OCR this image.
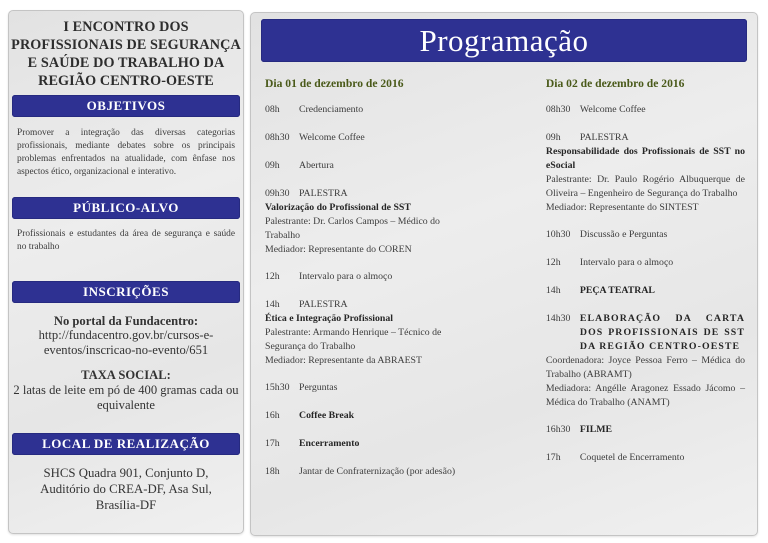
I ENCONTRO DOS
PROFISSIONAIS DE SEGURANÇA
E SAÚDE DO TRABALHO DA
REGIÃO CENTRO-OESTE
OBJETIVOS

Promover a integração das diversas categorias profissionais, mediante debates sobre os principais problemas enfrentados na atualidade, com ênfase nos aspectos ético, organizacional e interativo.

PÚBLICO-ALVO

Profissionais e estudantes da área de segurança e saúde no trabalho

INSCRIÇÕES
No portal da Fundacentro:
http://fundacentro.gov.br/cursos-e-eventos/inscricao-no-evento/651
TAXA SOCIAL:
2 latas de leite em pó de 400 gramas cada ou equivalente
LOCAL DE REALIZAÇÃO
SHCS Quadra 901, Conjunto D,
Auditório do CREA-DF, Asa Sul,
Brasília-DF
Programação
Dia 01 de dezembro de 2016
08h	Credenciamento
08h30 Welcome Coffee
09h	Abertura
09h30 PALESTRA
Valorização do Profissional de SST
Palestrante: Dr. Carlos Campos – Médico do Trabalho
Mediador: Representante do COREN
12h	Intervalo para o almoço
14h	PALESTRA
Ética e Integração Profissional
Palestrante: Armando Henrique – Técnico de Segurança do Trabalho
Mediador: Representante da ABRAEST
15h30 Perguntas
16h	Coffee Break
17h	Encerramento
18h	Jantar de Confraternização (por adesão)
Dia 02 de dezembro de 2016
08h30 Welcome Coffee
09h	PALESTRA
Responsabilidade dos Profissionais de SST no eSocial
Palestrante: Dr. Paulo Rogério Albuquerque de Oliveira – Engenheiro de Segurança do Trabalho
Mediador: Representante do SINTEST
10h30 Discussão e Perguntas
12h	Intervalo para o almoço
14h	PEÇA TEATRAL
14h30 ELABORAÇÃO DA CARTA DOS PROFISSIONAIS DE SST DA REGIÃO CENTRO-OESTE
Coordenadora: Joyce Pessoa Ferro – Médica do Trabalho (ABRAMT)
Mediadora: Angélle Aragonez Essado Jácomo – Médica do Trabalho (ANAMT)
16h30 FILME
17h	Coquetel de Encerramento
